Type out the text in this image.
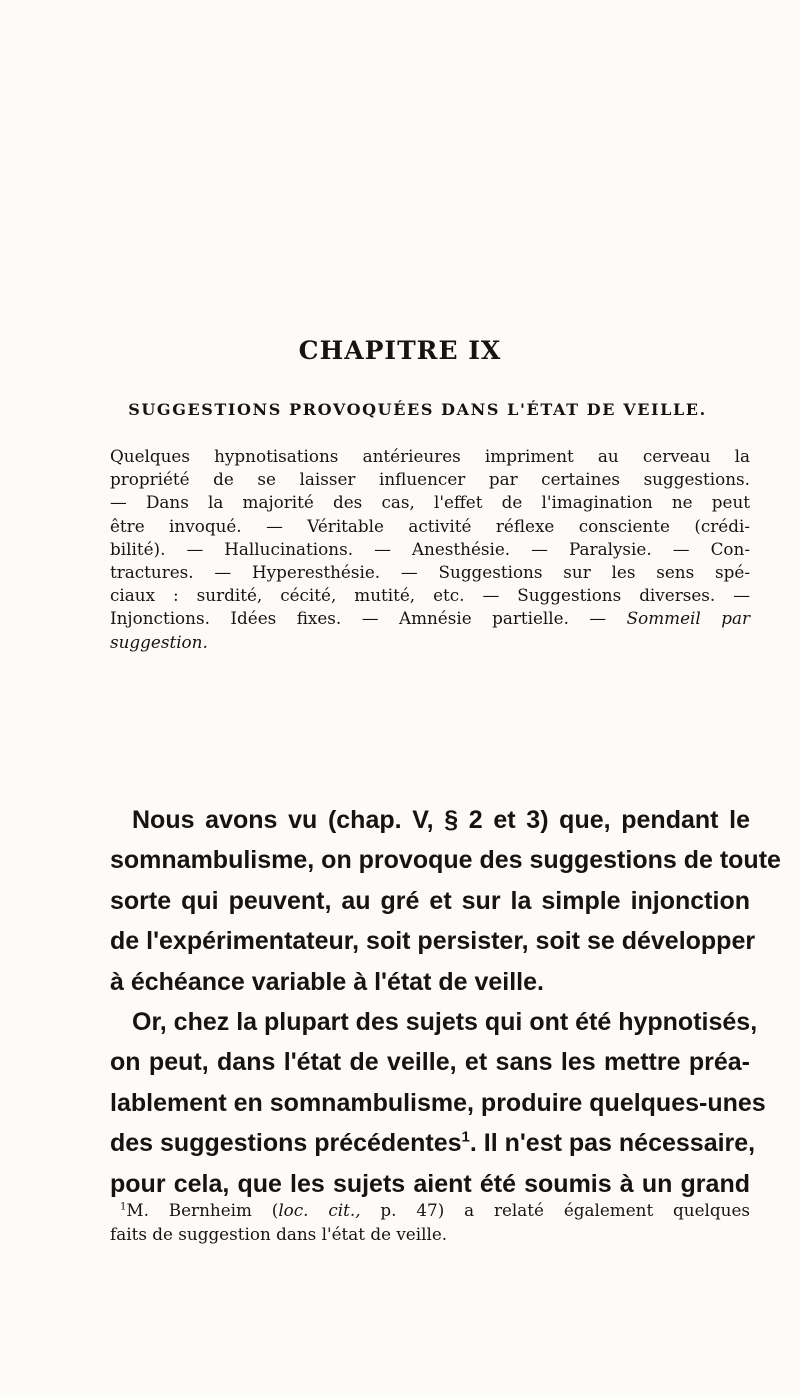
CHAPITRE IX
SUGGESTIONS PROVOQUÉES DANS L'ÉTAT DE VEILLE.
Quelques hypnotisations antérieures impriment au cerveau la
propriété de se laisser influencer par certaines suggestions.
— Dans la majorité des cas, l'effet de l'imagination ne peut
être invoqué. — Véritable activité réflexe consciente (crédi-
bilité). — Hallucinations. — Anesthésie. — Paralysie. — Con-
tractures. — Hyperesthésie. — Suggestions sur les sens spé-
ciaux : surdité, cécité, mutité, etc. — Suggestions diverses. —
Injonctions. Idées fixes. — Amnésie partielle. — Sommeil par
suggestion.
Nous avons vu (chap. V, § 2 et 3) que, pendant le
somnambulisme, on provoque des suggestions de toute
sorte qui peuvent, au gré et sur la simple injonction
de l'expérimentateur, soit persister, soit se développer
à échéance variable à l'état de veille.
Or, chez la plupart des sujets qui ont été hypnotisés,
on peut, dans l'état de veille, et sans les mettre préa-
lablement en somnambulisme, produire quelques-unes
des suggestions précédentes$^1$. Il n'est pas nécessaire,
pour cela, que les sujets aient été soumis à un grand
$^1$M. Bernheim (loc. cit., p. 47) a relaté également quelques
faits de suggestion dans l'état de veille.
